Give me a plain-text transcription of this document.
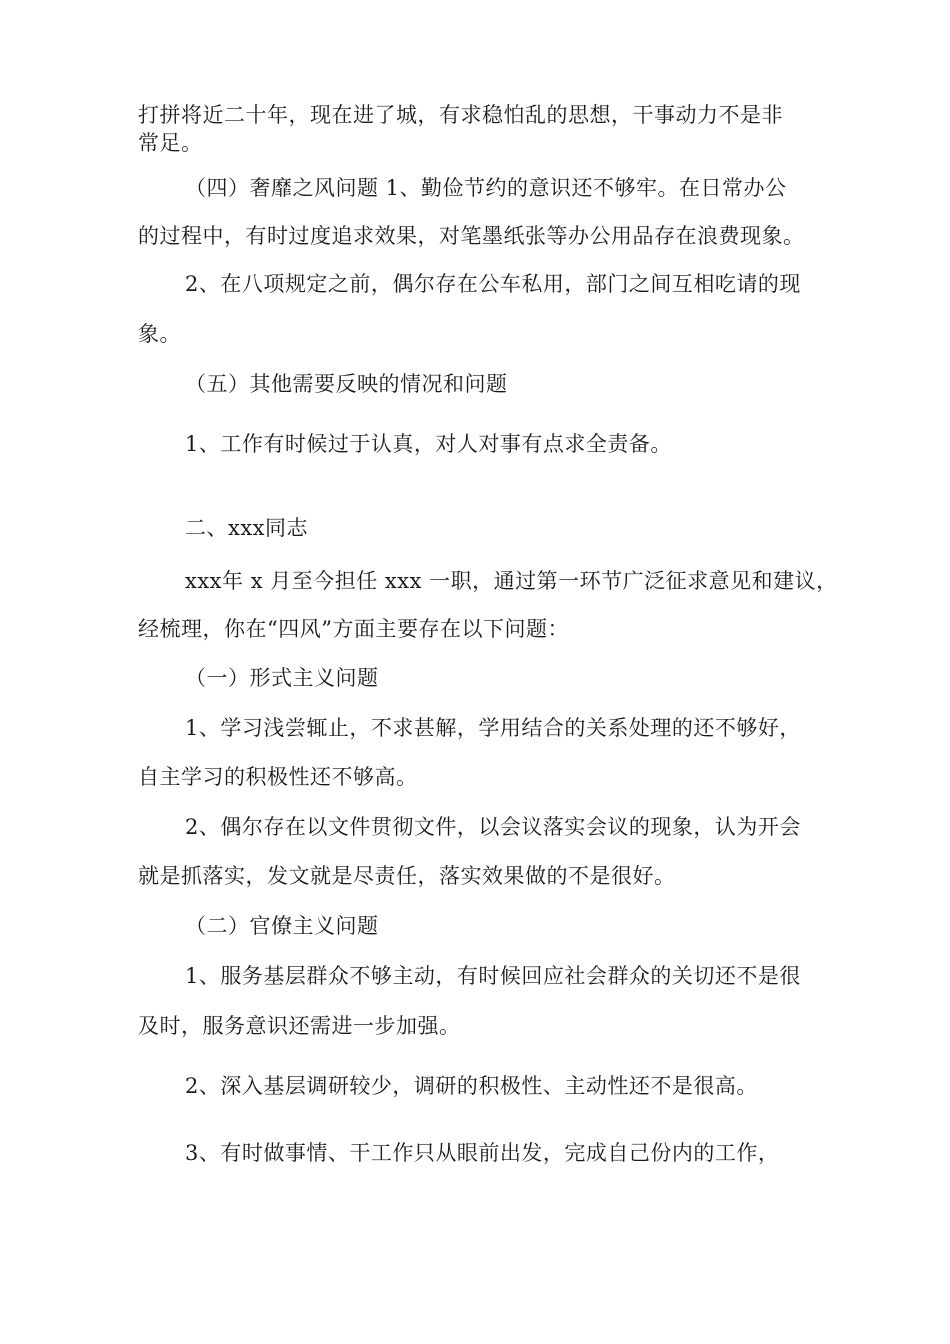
打拼将近二十年，现在进了城，有求稳怕乱的思想，干事动力不是非
常足。
（四）奢靡之风问题 1、勤俭节约的意识还不够牢。在日常办公
的过程中，有时过度追求效果，对笔墨纸张等办公用品存在浪费现象。
2、在八项规定之前，偶尔存在公车私用，部门之间互相吃请的现
象。
（五）其他需要反映的情况和问题
1、工作有时候过于认真，对人对事有点求全责备。
二、xxx同志
xxx年 x 月至今担任 xxx 一职，通过第一环节广泛征求意见和建议，
经梳理，你在“四风”方面主要存在以下问题：
（一）形式主义问题
1、学习浅尝辄止，不求甚解，学用结合的关系处理的还不够好，
自主学习的积极性还不够高。
2、偶尔存在以文件贯彻文件，以会议落实会议的现象，认为开会
就是抓落实，发文就是尽责任，落实效果做的不是很好。
（二）官僚主义问题
1、服务基层群众不够主动，有时候回应社会群众的关切还不是很
及时，服务意识还需进一步加强。
2、深入基层调研较少，调研的积极性、主动性还不是很高。
3、有时做事情、干工作只从眼前出发，完成自己份内的工作，
